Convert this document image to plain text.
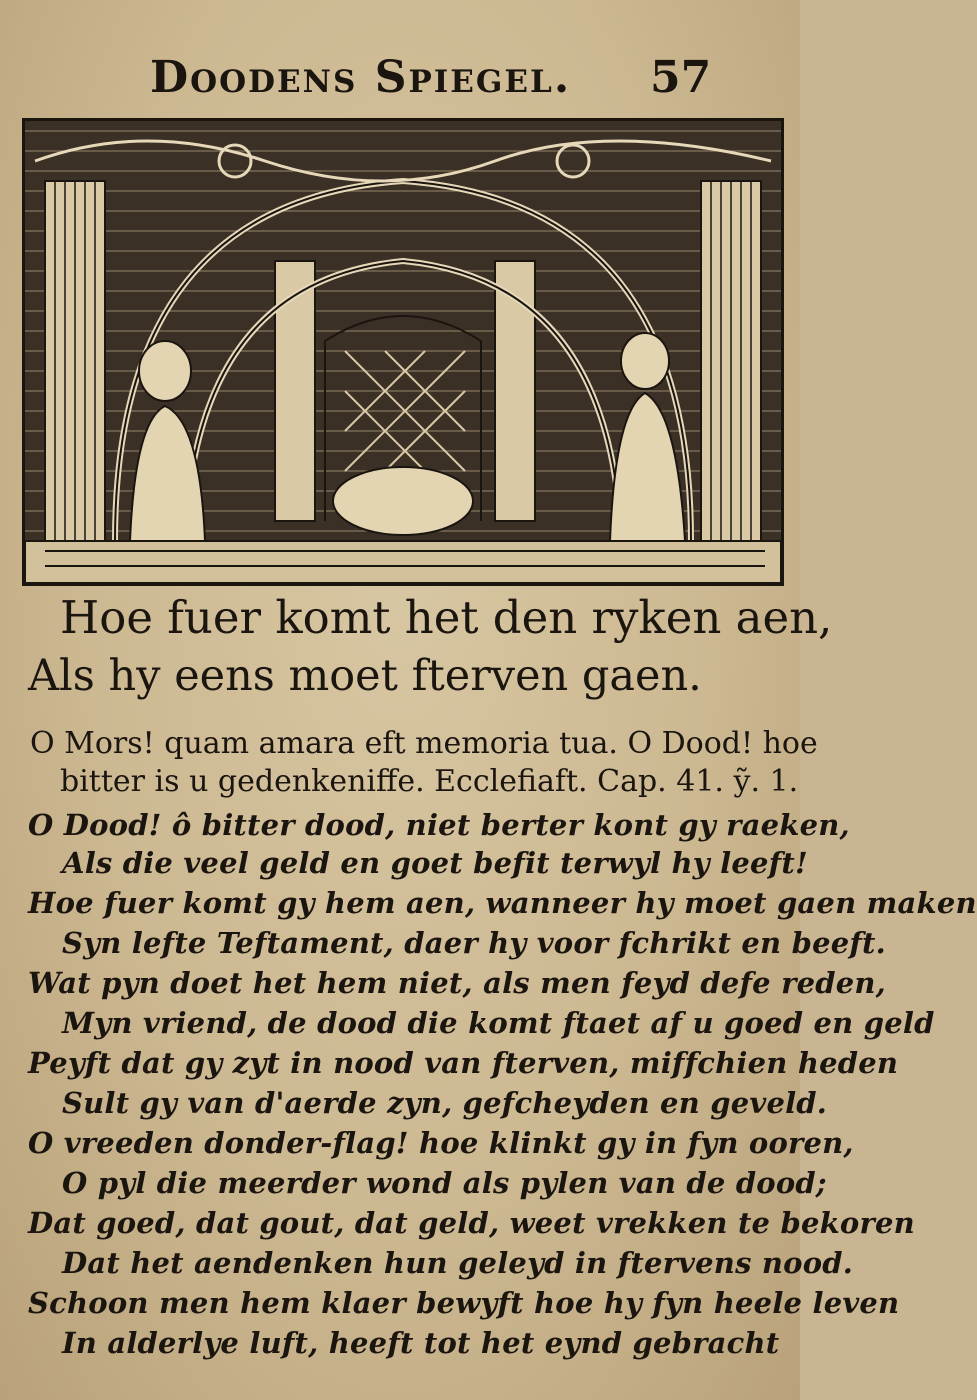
Doodens Spiegel. 57
Hoe fuer komt het den ryken aen,
Als hy eens moet fterven gaen.
O Mors! quam amara eft memoria tua. O Dood! hoe
bitter is u gedenkeniffe. Ecclefiaft. Cap. 41. ỹ. 1.
O Dood! ô bitter dood, niet berter kont gy raeken,
Als die veel geld en goet befit terwyl hy leeft!
Hoe fuer komt gy hem aen, wanneer hy moet gaen maken
Syn lefte Teftament, daer hy voor fchrikt en beeft.
Wat pyn doet het hem niet, als men feyd defe reden,
Myn vriend, de dood die komt ftaet af u goed en geld
Peyft dat gy zyt in nood van fterven, miffchien heden
Sult gy van d'aerde zyn, gefcheyden en geveld.
O vreeden donder-flag! hoe klinkt gy in fyn ooren,
O pyl die meerder wond als pylen van de dood;
Dat goed, dat gout, dat geld, weet vrekken te bekoren
Dat het aendenken hun geleyd in ftervens nood.
Schoon men hem klaer bewyft hoe hy fyn heele leven
In alderlye luft, heeft tot het eynd gebracht
